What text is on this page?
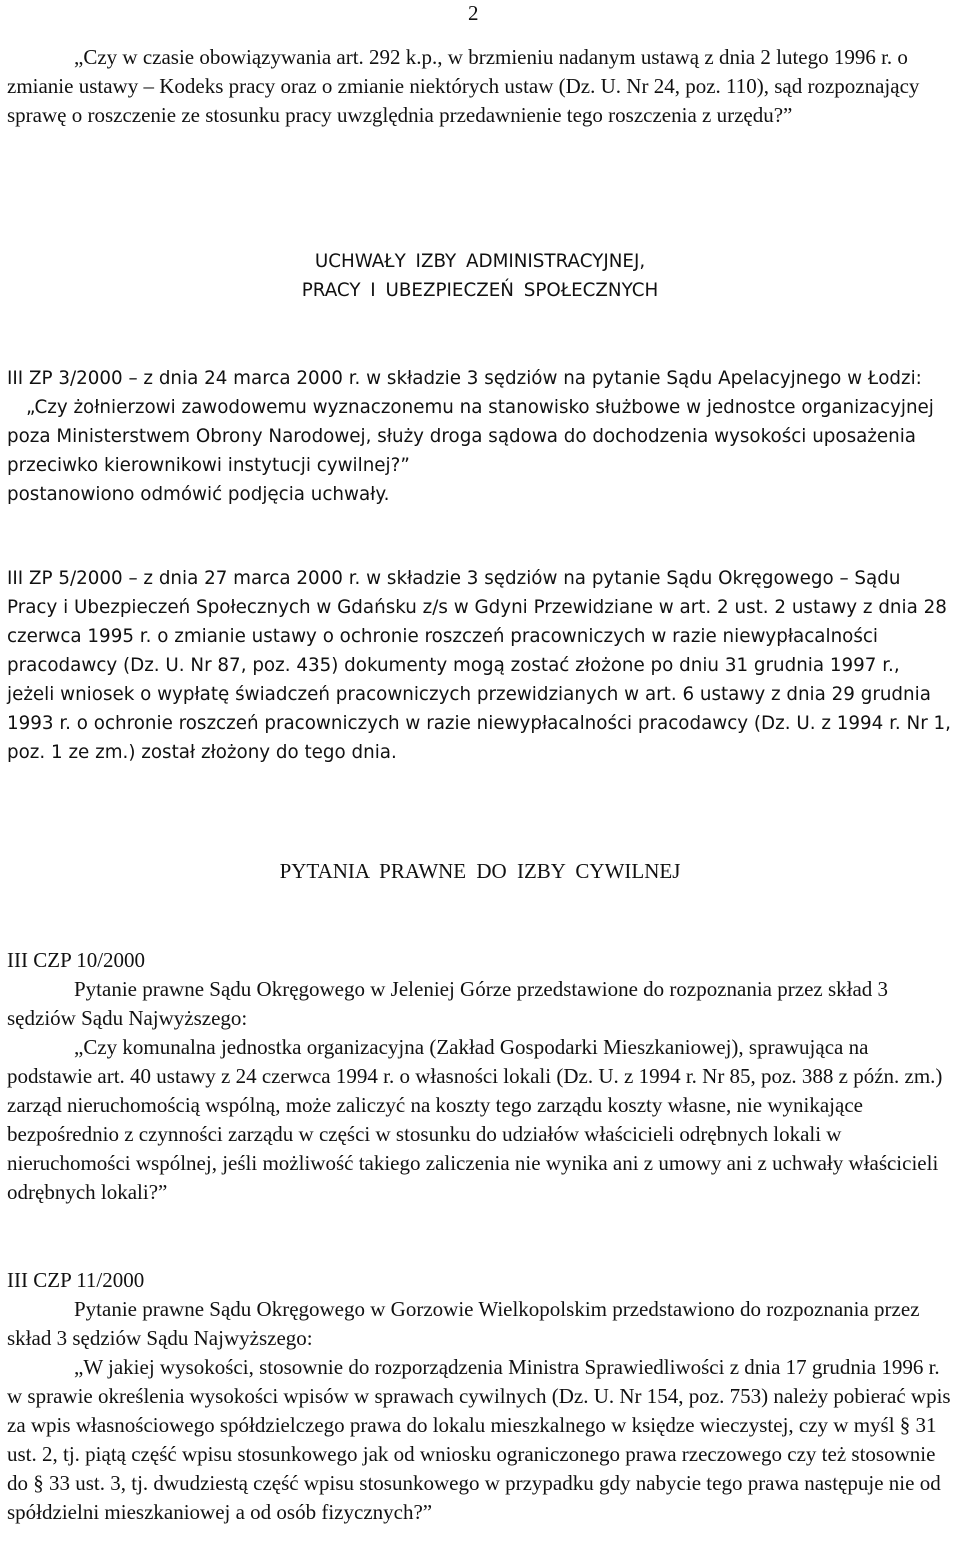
2

„Czy w czasie obowiązywania art. 292 k.p., w brzmieniu nadanym ustawą z dnia 2 lutego 1996 r. o zmianie ustawy – Kodeks pracy oraz o zmianie niektórych ustaw (Dz. U. Nr 24, poz. 110), sąd rozpoznający sprawę o roszczenie ze stosunku pracy uwzględnia przedawnienie tego roszczenia z urzędu?”

UCHWAŁY IZBY ADMINISTRACYJNEJ,
PRACY I UBEZPIECZEŃ SPOŁECZNYCH
III ZP 3/2000 – z dnia 24 marca 2000 r. w składzie 3 sędziów na pytanie Sądu Apelacyjnego w Łodzi:
„Czy żołnierzowi zawodowemu wyznaczonemu na stanowisko służbowe w jednostce organizacyjnej poza Ministerstwem Obrony Narodowej, służy droga sądowa do dochodzenia wysokości uposażenia przeciwko kierownikowi instytucji cywilnej?”
postanowiono odmówić podjęcia uchwały.

III ZP 5/2000 – z dnia 27 marca 2000 r. w składzie 3 sędziów na pytanie Sądu Okręgowego – Sądu Pracy i Ubezpieczeń Społecznych w Gdańsku z/s w Gdyni Przewidziane w art. 2 ust. 2 ustawy z dnia 28 czerwca 1995 r. o zmianie ustawy o ochronie roszczeń pracowniczych w razie niewypłacalności pracodawcy (Dz. U. Nr 87, poz. 435) dokumenty mogą zostać złożone po dniu 31 grudnia 1997 r., jeżeli wniosek o wypłatę świadczeń pracowniczych przewidzianych w art. 6 ustawy z dnia 29 grudnia 1993 r. o ochronie roszczeń pracowniczych w razie niewypłacalności pracodawcy (Dz. U. z 1994 r. Nr 1, poz. 1 ze zm.) został złożony do tego dnia.

PYTANIA PRAWNE DO IZBY CYWILNEJ
III CZP 10/2000
Pytanie prawne Sądu Okręgowego w Jeleniej Górze przedstawione do rozpoznania przez skład 3 sędziów Sądu Najwyższego:
„Czy komunalna jednostka organizacyjna (Zakład Gospodarki Mieszkaniowej), sprawująca na podstawie art. 40 ustawy z 24 czerwca 1994 r. o własności lokali (Dz. U. z 1994 r. Nr 85, poz. 388 z późn. zm.) zarząd nieruchomością wspólną, może zaliczyć na koszty tego zarządu koszty własne, nie wynikające bezpośrednio z czynności zarządu w części w stosunku do udziałów właścicieli odrębnych lokali w nieruchomości wspólnej, jeśli możliwość takiego zaliczenia nie wynika ani z umowy ani z uchwały właścicieli odrębnych lokali?”
III CZP 11/2000
Pytanie prawne Sądu Okręgowego w Gorzowie Wielkopolskim przedstawiono do rozpoznania przez skład 3 sędziów Sądu Najwyższego:
„W jakiej wysokości, stosownie do rozporządzenia Ministra Sprawiedliwości z dnia 17 grudnia 1996 r. w sprawie określenia wysokości wpisów w sprawach cywilnych (Dz. U. Nr 154, poz. 753) należy pobierać wpis za wpis własnościowego spółdzielczego prawa do lokalu mieszkalnego w księdze wieczystej, czy w myśl § 31 ust. 2, tj. piątą część wpisu stosunkowego jak od wniosku ograniczonego prawa rzeczowego czy też stosownie do § 33 ust. 3, tj. dwudziestą część wpisu stosunkowego w przypadku gdy nabycie tego prawa następuje nie od spółdzielni mieszkaniowej a od osób fizycznych?”
